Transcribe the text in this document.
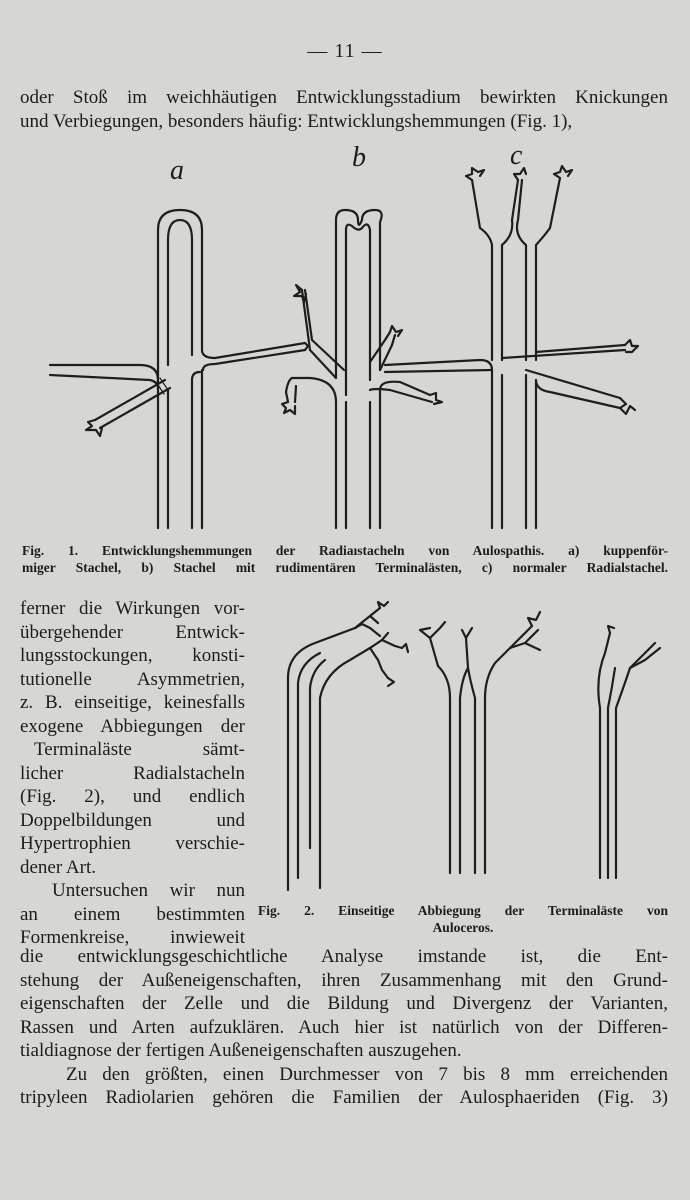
— 11 —
oder Stoß im weichhäutigen Entwicklungsstadium bewirkten Knickungen
und Verbiegungen, besonders häufig: Entwicklungshemmungen (Fig. 1),
a	b	c
Fig. 1. Entwicklungshemmungen der Radiaıstacheln von Aulospathis. a) kuppenför-
miger Stachel, b) Stachel mit rudimentären Terminalästen, c) normaler Radialstachel.
ferner die Wirkungen vor-
übergehender Entwick-
lungsstockungen, konsti-
tutionelle Asymmetrien,
z. B. einseitige, keinesfalls
exogene Abbiegungen der
Terminaläste sämt-
licher Radialstacheln
(Fig. 2), und endlich
Doppelbildungen und
Hypertrophien verschie-
dener Art.
Untersuchen wir nun
an einem bestimmten
Formenkreise, inwieweit
Fig. 2. Einseitige Abbiegung der Terminaläste von
Auloceros.
die entwicklungsgeschichtliche Analyse imstande ist, die Ent-
stehung der Außeneigenschaften, ihren Zusammenhang mit den Grund-
eigenschaften der Zelle und die Bildung und Divergenz der Varianten,
Rassen und Arten aufzuklären. Auch hier ist natürlich von der Differen-
tialdiagnose der fertigen Außeneigenschaften auszugehen.
Zu den größten, einen Durchmesser von 7 bis 8 mm erreichenden
tripyleen Radiolarien gehören die Familien der Aulosphaeriden (Fig. 3)
